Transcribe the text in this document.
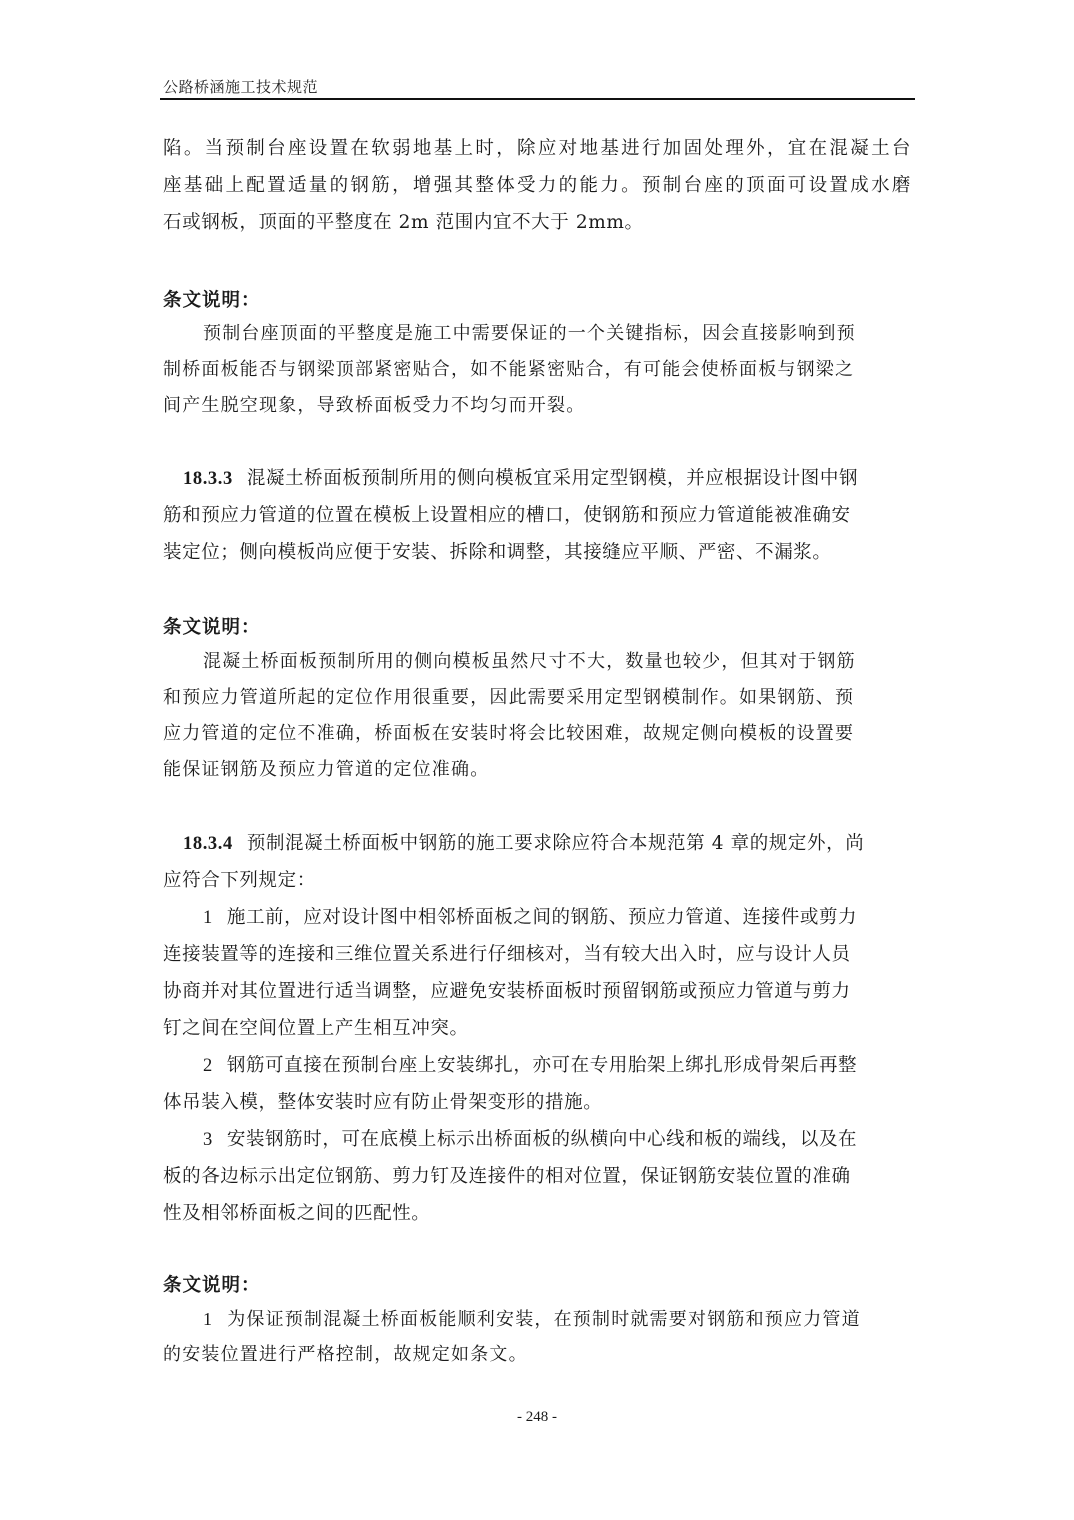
公路桥涵施工技术规范
陷。当预制台座设置在软弱地基上时，除应对地基进行加固处理外，宜在混凝土台
座基础上配置适量的钢筋，增强其整体受力的能力。预制台座的顶面可设置成水磨
石或钢板，顶面的平整度在 2m 范围内宜不大于 2mm。
条文说明：
预制台座顶面的平整度是施工中需要保证的一个关键指标，因会直接影响到预
制桥面板能否与钢梁顶部紧密贴合，如不能紧密贴合，有可能会使桥面板与钢梁之
间产生脱空现象，导致桥面板受力不均匀而开裂。
18.3.3 混凝土桥面板预制所用的侧向模板宜采用定型钢模，并应根据设计图中钢
筋和预应力管道的位置在模板上设置相应的槽口，使钢筋和预应力管道能被准确安
装定位；侧向模板尚应便于安装、拆除和调整，其接缝应平顺、严密、不漏浆。
条文说明：
混凝土桥面板预制所用的侧向模板虽然尺寸不大，数量也较少，但其对于钢筋
和预应力管道所起的定位作用很重要，因此需要采用定型钢模制作。如果钢筋、预
应力管道的定位不准确，桥面板在安装时将会比较困难，故规定侧向模板的设置要
能保证钢筋及预应力管道的定位准确。
18.3.4 预制混凝土桥面板中钢筋的施工要求除应符合本规范第 4 章的规定外，尚
应符合下列规定：
1 施工前，应对设计图中相邻桥面板之间的钢筋、预应力管道、连接件或剪力
连接装置等的连接和三维位置关系进行仔细核对，当有较大出入时，应与设计人员
协商并对其位置进行适当调整，应避免安装桥面板时预留钢筋或预应力管道与剪力
钉之间在空间位置上产生相互冲突。
2 钢筋可直接在预制台座上安装绑扎，亦可在专用胎架上绑扎形成骨架后再整
体吊装入模，整体安装时应有防止骨架变形的措施。
3 安装钢筋时，可在底模上标示出桥面板的纵横向中心线和板的端线，以及在
板的各边标示出定位钢筋、剪力钉及连接件的相对位置，保证钢筋安装位置的准确
性及相邻桥面板之间的匹配性。
条文说明：
1 为保证预制混凝土桥面板能顺利安装，在预制时就需要对钢筋和预应力管道
的安装位置进行严格控制，故规定如条文。
- 248 -
